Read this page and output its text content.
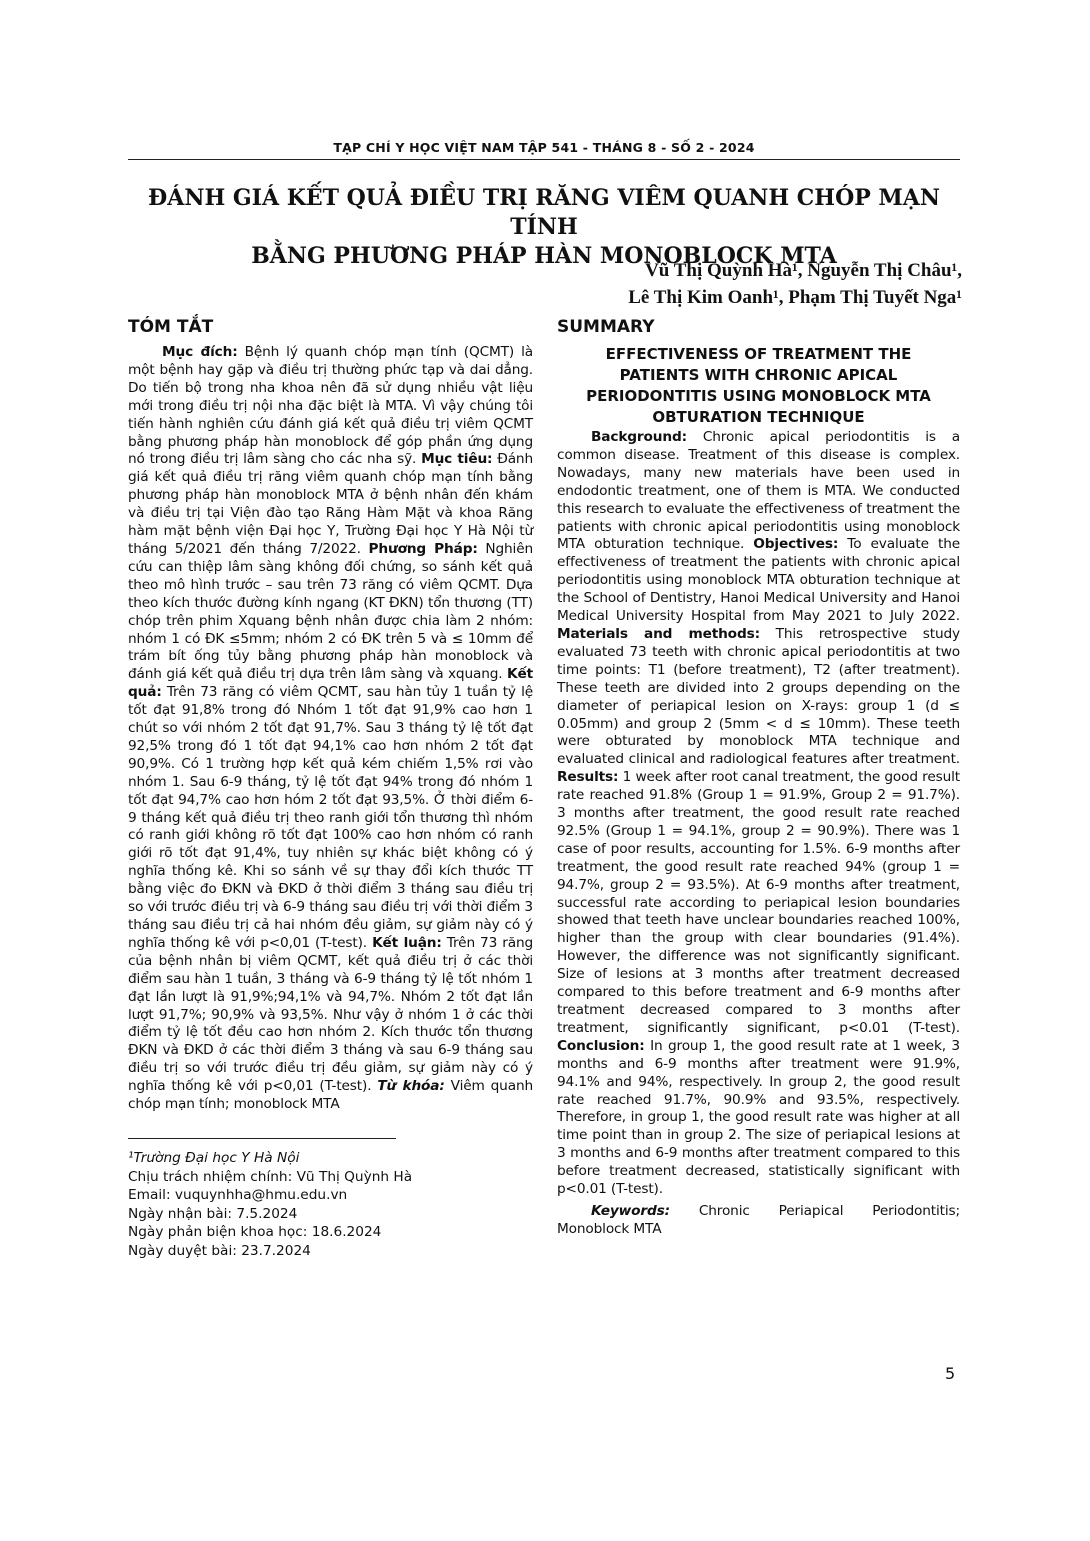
TẠP CHÍ Y HỌC VIỆT NAM TẬP 541 - THÁNG 8 - SỐ 2 - 2024
ĐÁNH GIÁ KẾT QUẢ ĐIỀU TRỊ RĂNG VIÊM QUANH CHÓP MẠN TÍNH
BẰNG PHƯƠNG PHÁP HÀN MONOBLOCK MTA
Vũ Thị Quỳnh Hà¹, Nguyễn Thị Châu¹,
Lê Thị Kim Oanh¹, Phạm Thị Tuyết Nga¹
TÓM TẮT

Mục đích: Bệnh lý quanh chóp mạn tính (QCMT) là một bệnh hay gặp và điều trị thường phức tạp và dai dẳng. Do tiến bộ trong nha khoa nên đã sử dụng nhiều vật liệu mới trong điều trị nội nha đặc biệt là MTA. Vì vậy chúng tôi tiến hành nghiên cứu đánh giá kết quả điều trị viêm QCMT bằng phương pháp hàn monoblock để góp phần ứng dụng nó trong điều trị lâm sàng cho các nha sỹ. Mục tiêu: Đánh giá kết quả điều trị răng viêm quanh chóp mạn tính bằng phương pháp hàn monoblock MTA ở bệnh nhân đến khám và điều trị tại Viện đào tạo Răng Hàm Mặt và khoa Răng hàm mặt bệnh viện Đại học Y, Trường Đại học Y Hà Nội từ tháng 5/2021 đến tháng 7/2022. Phương Pháp: Nghiên cứu can thiệp lâm sàng không đối chứng, so sánh kết quả theo mô hình trước – sau trên 73 răng có viêm QCMT. Dựa theo kích thước đường kính ngang (KT ĐKN) tổn thương (TT) chóp trên phim Xquang bệnh nhân được chia làm 2 nhóm: nhóm 1 có ĐK ≤5mm; nhóm 2 có ĐK trên 5 và ≤ 10mm để trám bít ống tủy bằng phương pháp hàn monoblock và đánh giá kết quả điều trị dựa trên lâm sàng và xquang. Kết quả: Trên 73 răng có viêm QCMT, sau hàn tủy 1 tuần tỷ lệ tốt đạt 91,8% trong đó Nhóm 1 tốt đạt 91,9% cao hơn 1 chút so với nhóm 2 tốt đạt 91,7%. Sau 3 tháng tỷ lệ tốt đạt 92,5% trong đó 1 tốt đạt 94,1% cao hơn nhóm 2 tốt đạt 90,9%. Có 1 trường hợp kết quả kém chiếm 1,5% rơi vào nhóm 1. Sau 6-9 tháng, tỷ lệ tốt đạt 94% trong đó nhóm 1 tốt đạt 94,7% cao hơn hóm 2 tốt đạt 93,5%. Ở thời điểm 6-9 tháng kết quả điều trị theo ranh giới tổn thương thì nhóm có ranh giới không rõ tốt đạt 100% cao hơn nhóm có ranh giới rõ tốt đạt 91,4%, tuy nhiên sự khác biệt không có ý nghĩa thống kê. Khi so sánh về sự thay đổi kích thước TT bằng việc đo ĐKN và ĐKD ở thời điểm 3 tháng sau điều trị so với trước điều trị và 6-9 tháng sau điều trị với thời điểm 3 tháng sau điều trị cả hai nhóm đều giảm, sự giảm này có ý nghĩa thống kê với p<0,01 (T-test). Kết luận: Trên 73 răng của bệnh nhân bị viêm QCMT, kết quả điều trị ở các thời điểm sau hàn 1 tuần, 3 tháng và 6-9 tháng tỷ lệ tốt nhóm 1 đạt lần lượt là 91,9%;94,1% và 94,7%. Nhóm 2 tốt đạt lần lượt 91,7%; 90,9% và 93,5%. Như vậy ở nhóm 1 ở các thời điểm tỷ lệ tốt đều cao hơn nhóm 2. Kích thước tổn thương ĐKN và ĐKD ở các thời điểm 3 tháng và sau 6-9 tháng sau điều trị so với trước điều trị đều giảm, sự giảm này có ý nghĩa thống kê với p<0,01 (T-test). Từ khóa: Viêm quanh chóp mạn tính; monoblock MTA

¹Trường Đại học Y Hà Nội
Chịu trách nhiệm chính: Vũ Thị Quỳnh Hà
Email: vuquynhha@hmu.edu.vn
Ngày nhận bài: 7.5.2024
Ngày phản biện khoa học: 18.6.2024
Ngày duyệt bài: 23.7.2024
SUMMARY
EFFECTIVENESS OF TREATMENT THE
PATIENTS WITH CHRONIC APICAL
PERIODONTITIS USING MONOBLOCK MTA
OBTURATION TECHNIQUE

Background: Chronic apical periodontitis is a common disease. Treatment of this disease is complex. Nowadays, many new materials have been used in endodontic treatment, one of them is MTA. We conducted this research to evaluate the effectiveness of treatment the patients with chronic apical periodontitis using monoblock MTA obturation technique. Objectives: To evaluate the effectiveness of treatment the patients with chronic apical periodontitis using monoblock MTA obturation technique at the School of Dentistry, Hanoi Medical University and Hanoi Medical University Hospital from May 2021 to July 2022. Materials and methods: This retrospective study evaluated 73 teeth with chronic apical periodontitis at two time points: T1 (before treatment), T2 (after treatment). These teeth are divided into 2 groups depending on the diameter of periapical lesion on X-rays: group 1 (d ≤ 0.05mm) and group 2 (5mm < d ≤ 10mm). These teeth were obturated by monoblock MTA technique and evaluated clinical and radiological features after treatment. Results: 1 week after root canal treatment, the good result rate reached 91.8% (Group 1 = 91.9%, Group 2 = 91.7%). 3 months after treatment, the good result rate reached 92.5% (Group 1 = 94.1%, group 2 = 90.9%). There was 1 case of poor results, accounting for 1.5%. 6-9 months after treatment, the good result rate reached 94% (group 1 = 94.7%, group 2 = 93.5%). At 6-9 months after treatment, successful rate according to periapical lesion boundaries showed that teeth have unclear boundaries reached 100%, higher than the group with clear boundaries (91.4%). However, the difference was not significantly significant. Size of lesions at 3 months after treatment decreased compared to this before treatment and 6-9 months after treatment decreased compared to 3 months after treatment, significantly significant, p<0.01 (T-test). Conclusion: In group 1, the good result rate at 1 week, 3 months and 6-9 months after treatment were 91.9%, 94.1% and 94%, respectively. In group 2, the good result rate reached 91.7%, 90.9% and 93.5%, respectively. Therefore, in group 1, the good result rate was higher at all time point than in group 2. The size of periapical lesions at 3 months and 6-9 months after treatment compared to this before treatment decreased, statistically significant with p<0.01 (T-test).

Keywords: Chronic Periapical Periodontitis; Monoblock MTA

5
